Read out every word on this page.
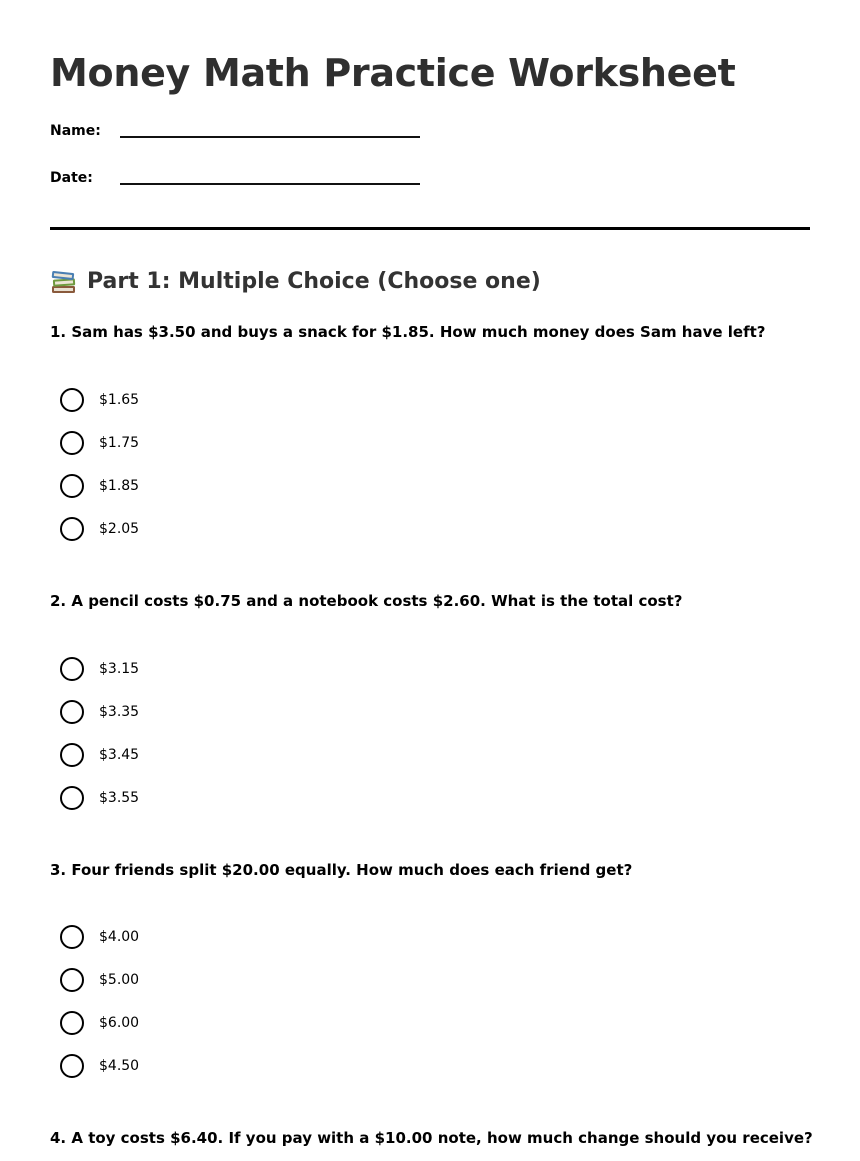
Money Math Practice Worksheet
Name:
Date:
Part 1: Multiple Choice (Choose one)
1. Sam has $3.50 and buys a snack for $1.85. How much money does Sam have left?
$1.65
$1.75
$1.85
$2.05
2. A pencil costs $0.75 and a notebook costs $2.60. What is the total cost?
$3.15
$3.35
$3.45
$3.55
3. Four friends split $20.00 equally. How much does each friend get?
$4.00
$5.00
$6.00
$4.50
4. A toy costs $6.40. If you pay with a $10.00 note, how much change should you receive?
